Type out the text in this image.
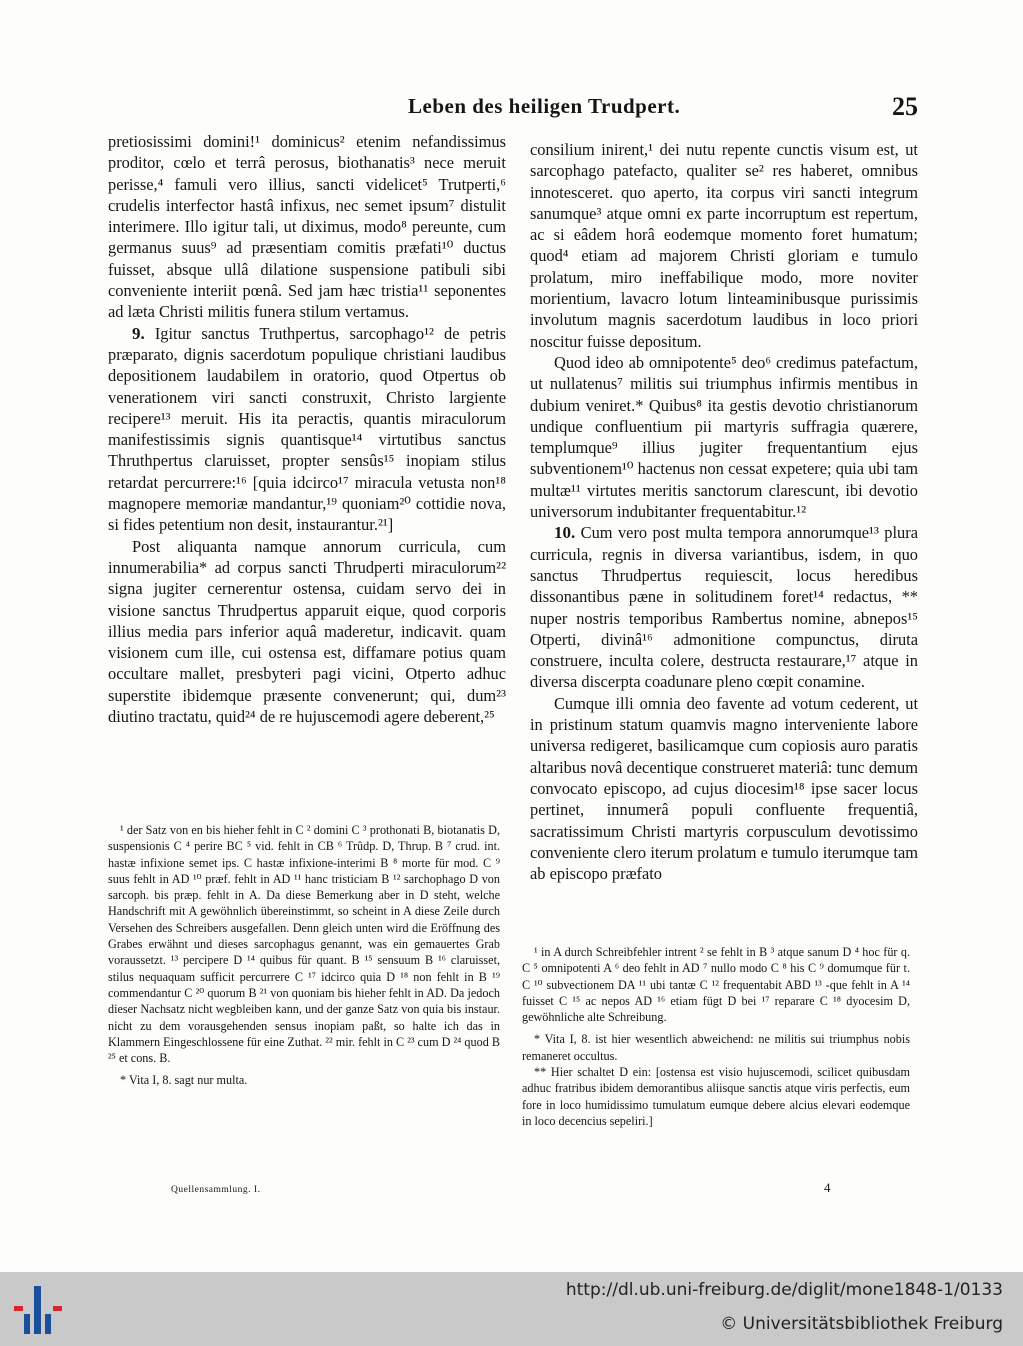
Leben des heiligen Trudpert.	25

pretiosissimi domini!¹ dominicus² etenim nefandissimus proditor, cœlo et terrâ perosus, biothanatis³ nece meruit perisse,⁴ famuli vero illius, sancti videlicet⁵ Trutperti,⁶ crudelis interfector hastâ infixus, nec semet ipsum⁷ distulit interimere. Illo igitur tali, ut diximus, modo⁸ pereunte, cum germanus suus⁹ ad præsentiam comitis præfati¹⁰ ductus fuisset, absque ullâ dilatione suspensione patibuli sibi conveniente interiit pœnâ. Sed jam hæc tristia¹¹ seponentes ad læta Christi militis funera stilum vertamus.

9. Igitur sanctus Truthpertus, sarcophago¹² de petris præparato, dignis sacerdotum populique christiani laudibus depositionem laudabilem in oratorio, quod Otpertus ob venerationem viri sancti construxit, Christo largiente recipere¹³ meruit. His ita peractis, quantis miraculorum manifestissimis signis quantisque¹⁴ virtutibus sanctus Thruthpertus claruisset, propter sensûs¹⁵ inopiam stilus retardat percurrere:¹⁶ [quia idcirco¹⁷ miracula vetusta non¹⁸ magnopere memoriæ mandantur,¹⁹ quoniam²⁰ cottidie nova, si fides petentium non desit, instaurantur.²¹]

Post aliquanta namque annorum curricula, cum innumerabilia* ad corpus sancti Thrudperti miraculorum²² signa jugiter cernerentur ostensa, cuidam servo dei in visione sanctus Thrudpertus apparuit eique, quod corporis illius media pars inferior aquâ maderetur, indicavit. quam visionem cum ille, cui ostensa est, diffamare potius quam occultare mallet, presbyteri pagi vicini, Otperto adhuc superstite ibidemque præsente convenerunt; qui, dum²³ diutino tractatu, quid²⁴ de re hujuscemodi agere deberent,²⁵

consilium inirent,¹ dei nutu repente cunctis visum est, ut sarcophago patefacto, qualiter se² res haberet, omnibus innotesceret. quo aperto, ita corpus viri sancti integrum sanumque³ atque omni ex parte incorruptum est repertum, ac si eâdem horâ eodemque momento foret humatum; quod⁴ etiam ad majorem Christi gloriam e tumulo prolatum, miro ineffabilique modo, more noviter morientium, lavacro lotum linteaminibusque purissimis involutum magnis sacerdotum laudibus in loco priori noscitur fuisse depositum.

Quod ideo ab omnipotente⁵ deo⁶ credimus patefactum, ut nullatenus⁷ militis sui triumphus infirmis mentibus in dubium veniret.* Quibus⁸ ita gestis devotio christianorum undique confluentium pii martyris suffragia quærere, templumque⁹ illius jugiter frequentantium ejus subventionem¹⁰ hactenus non cessat expetere; quia ubi tam multæ¹¹ virtutes meritis sanctorum clarescunt, ibi devotio universorum indubitanter frequentabitur.¹²

10. Cum vero post multa tempora annorumque¹³ plura curricula, regnis in diversa variantibus, isdem, in quo sanctus Thrudpertus requiescit, locus heredibus dissonantibus pæne in solitudinem foret¹⁴ redactus, ** nuper nostris temporibus Rambertus nomine, abnepos¹⁵ Otperti, divinâ¹⁶ admonitione compunctus, diruta construere, inculta colere, destructa restaurare,¹⁷ atque in diversa discerpta coadunare pleno cœpit conamine.

Cumque illi omnia deo favente ad votum cederent, ut in pristinum statum quamvis magno interveniente labore universa redigeret, basilicamque cum copiosis auro paratis altaribus novâ decentique construeret materiâ: tunc demum convocato episcopo, ad cujus diocesim¹⁸ ipse sacer locus pertinet, innumerâ populi confluente frequentiâ, sacratissimum Christi martyris corpusculum devotissimo conveniente clero iterum prolatum e tumulo iterumque tam ab episcopo præfato

¹ der Satz von en bis hieher fehlt in C ² domini C ³ prothonati B, biotanatis D, suspensionis C ⁴ perire BC ⁵ vid. fehlt in CB ⁶ Trûdp. D, Thrup. B ⁷ crud. int. hastæ infixione semet ips. C hastæ infixione-interimi B ⁸ morte für mod. C ⁹ suus fehlt in AD ¹⁰ præf. fehlt in AD ¹¹ hanc tristiciam B ¹² sarchophago D von sarcoph. bis præp. fehlt in A. Da diese Bemerkung aber in D steht, welche Handschrift mit A gewöhnlich übereinstimmt, so scheint in A diese Zeile durch Versehen des Schreibers ausgefallen. Denn gleich unten wird die Eröffnung des Grabes erwähnt und dieses sarcophagus genannt, was ein gemauertes Grab voraussetzt. ¹³ percipere D ¹⁴ quibus für quant. B ¹⁵ sensuum B ¹⁶ claruisset, stilus nequaquam sufficit percurrere C ¹⁷ idcirco quia D ¹⁸ non fehlt in B ¹⁹ commendantur C ²⁰ quorum B ²¹ von quoniam bis hieher fehlt in AD. Da jedoch dieser Nachsatz nicht wegbleiben kann, und der ganze Satz von quia bis instaur. nicht zu dem vorausgehenden sensus inopiam paßt, so halte ich das in Klammern Eingeschlossene für eine Zuthat. ²² mir. fehlt in C ²³ cum D ²⁴ quod B ²⁵ et cons. B.

* Vita I, 8. sagt nur multa.

¹ in A durch Schreibfehler intrent ² se fehlt in B ³ atque sanum D ⁴ hoc für q. C ⁵ omnipotenti A ⁶ deo fehlt in AD ⁷ nullo modo C ⁸ his C ⁹ domumque für t. C ¹⁰ subvectionem DA ¹¹ ubi tantæ C ¹² frequentabit ABD ¹³ -que fehlt in A ¹⁴ fuisset C ¹⁵ ac nepos AD ¹⁶ etiam fügt D bei ¹⁷ reparare C ¹⁸ dyocesim D, gewöhnliche alte Schreibung.

* Vita I, 8. ist hier wesentlich abweichend: ne militis sui triumphus nobis remaneret occultus.

** Hier schaltet D ein: [ostensa est visio hujuscemodi, scilicet quibusdam adhuc fratribus ibidem demorantibus aliisque sanctis atque viris perfectis, eum fore in loco humidissimo tumulatum eumque debere alcius elevari eodemque in loco decencius sepeliri.]

Quellensammlung. I.	4
http://dl.ub.uni-freiburg.de/diglit/mone1848-1/0133
© Universitätsbibliothek Freiburg
